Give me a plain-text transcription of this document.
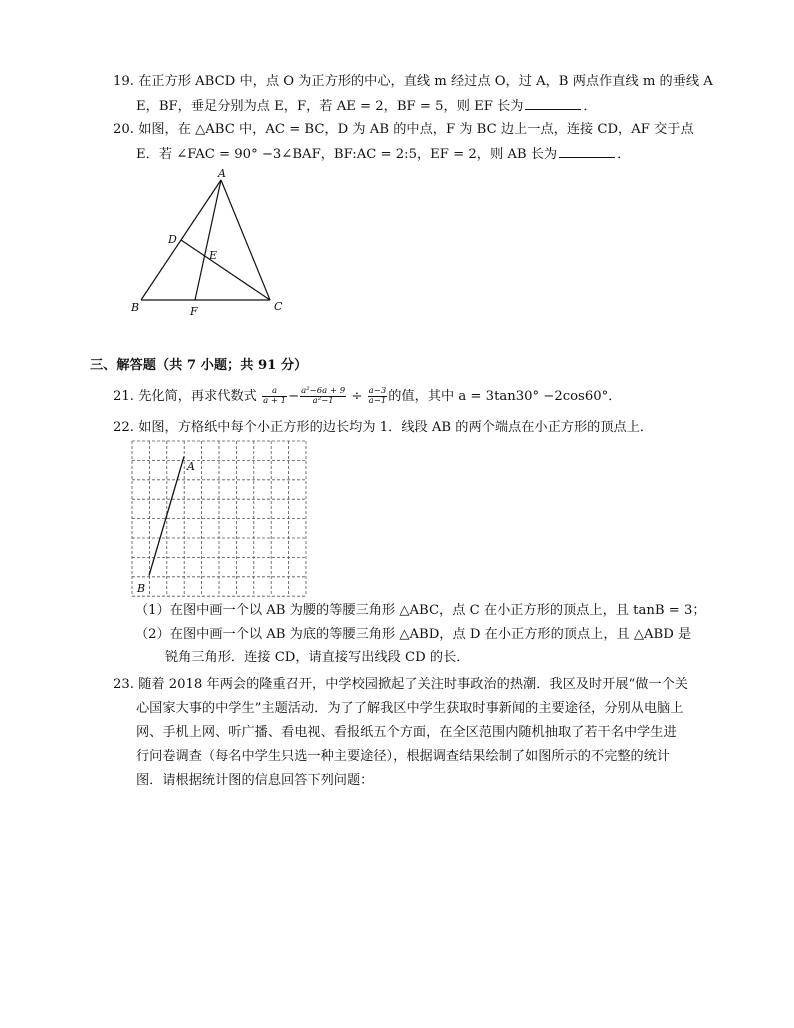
19. 在正方形 ABCD 中，点 O 为正方形的中心，直线 m 经过点 O，过 A，B 两点作直线 m 的垂线 A
E，BF，垂足分别为点 E，F，若 AE = 2，BF = 5，则 EF 长为	．
20. 如图，在 △ABC 中，AC = BC，D 为 AB 的中点，F 为 BC 边上一点，连接 CD，AF 交于点
E．若 ∠FAC = 90° −3∠BAF，BF:AC = 2:5，EF = 2，则 AB 长为	．
A
B	C
D
E
F
三、解答题（共 7 小题；共 91 分）
21. 先化简，再求代数式 $\frac{a}{a + 1} - \frac{\text{a²−6a + 9}}{\text{a²−1}} \div \frac{a-3}{a-1}$ 的值，其中 a = 3tan30° −2cos60°．
22. 如图，方格纸中每个小正方形的边长均为 1．线段 AB 的两个端点在小正方形的顶点上．
A
B
（1）在图中画一个以 AB 为腰的等腰三角形 △ABC，点 C 在小正方形的顶点上，且 tanB = 3；
（2）在图中画一个以 AB 为底的等腰三角形 △ABD，点 D 在小正方形的顶点上，且 △ABD 是
锐角三角形．连接 CD，请直接写出线段 CD 的长．
23. 随着 2018 年两会的隆重召开，中学校园掀起了关注时事政治的热潮．我区及时开展“做一个关
心国家大事的中学生”主题活动．为了了解我区中学生获取时事新闻的主要途径，分别从电脑上
网、手机上网、听广播、看电视、看报纸五个方面，在全区范围内随机抽取了若干名中学生进
行问卷调查（每名中学生只选一种主要途径），根据调查结果绘制了如图所示的不完整的统计
图．请根据统计图的信息回答下列问题：
